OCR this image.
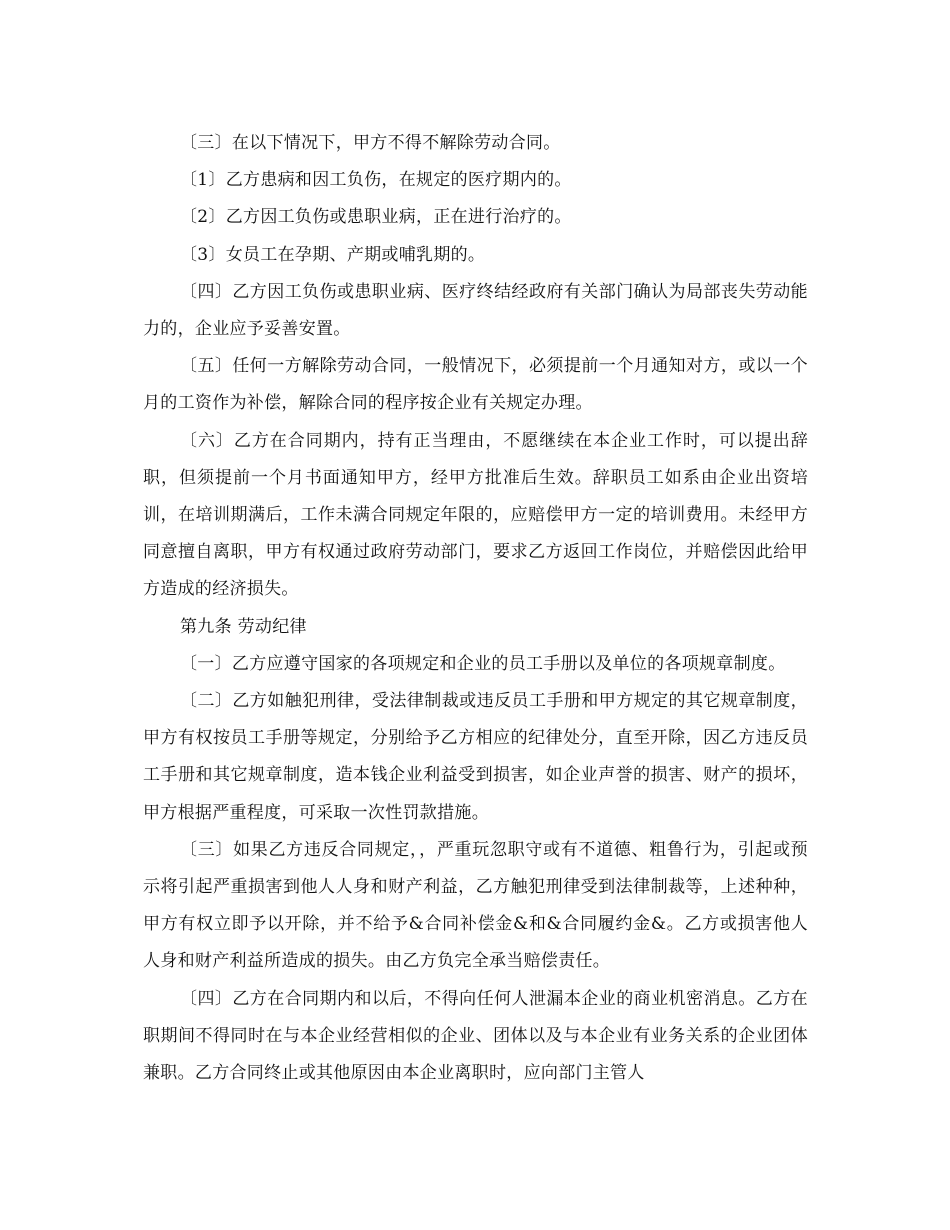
〔三〕在以下情况下，甲方不得不解除劳动合同。

〔1〕乙方患病和因工负伤，在规定的医疗期内的。

〔2〕乙方因工负伤或患职业病，正在进行治疗的。

〔3〕女员工在孕期、产期或哺乳期的。

〔四〕乙方因工负伤或患职业病、医疗终结经政府有关部门确认为局部丧失劳动能力的，企业应予妥善安置。

〔五〕任何一方解除劳动合同，一般情况下，必须提前一个月通知对方，或以一个月的工资作为补偿，解除合同的程序按企业有关规定办理。

〔六〕乙方在合同期内，持有正当理由，不愿继续在本企业工作时，可以提出辞职，但须提前一个月书面通知甲方，经甲方批准后生效。辞职员工如系由企业出资培训，在培训期满后，工作未满合同规定年限的，应赔偿甲方一定的培训费用。未经甲方同意擅自离职，甲方有权通过政府劳动部门，要求乙方返回工作岗位，并赔偿因此给甲方造成的经济损失。

第九条 劳动纪律

〔一〕乙方应遵守国家的各项规定和企业的员工手册以及单位的各项规章制度。

〔二〕乙方如触犯刑律，受法律制裁或违反员工手册和甲方规定的其它规章制度，甲方有权按员工手册等规定，分别给予乙方相应的纪律处分，直至开除，因乙方违反员工手册和其它规章制度，造本钱企业利益受到损害，如企业声誉的损害、财产的损坏，甲方根据严重程度，可采取一次性罚款措施。

〔三〕如果乙方违反合同规定，，严重玩忽职守或有不道德、粗鲁行为，引起或预示将引起严重损害到他人人身和财产利益，乙方触犯刑律受到法律制裁等，上述种种，甲方有权立即予以开除，并不给予&合同补偿金&和&合同履约金&。乙方或损害他人人身和财产利益所造成的损失。由乙方负完全承当赔偿责任。

〔四〕乙方在合同期内和以后，不得向任何人泄漏本企业的商业机密消息。乙方在职期间不得同时在与本企业经营相似的企业、团体以及与本企业有业务关系的企业团体兼职。乙方合同终止或其他原因由本企业离职时，应向部门主管人
